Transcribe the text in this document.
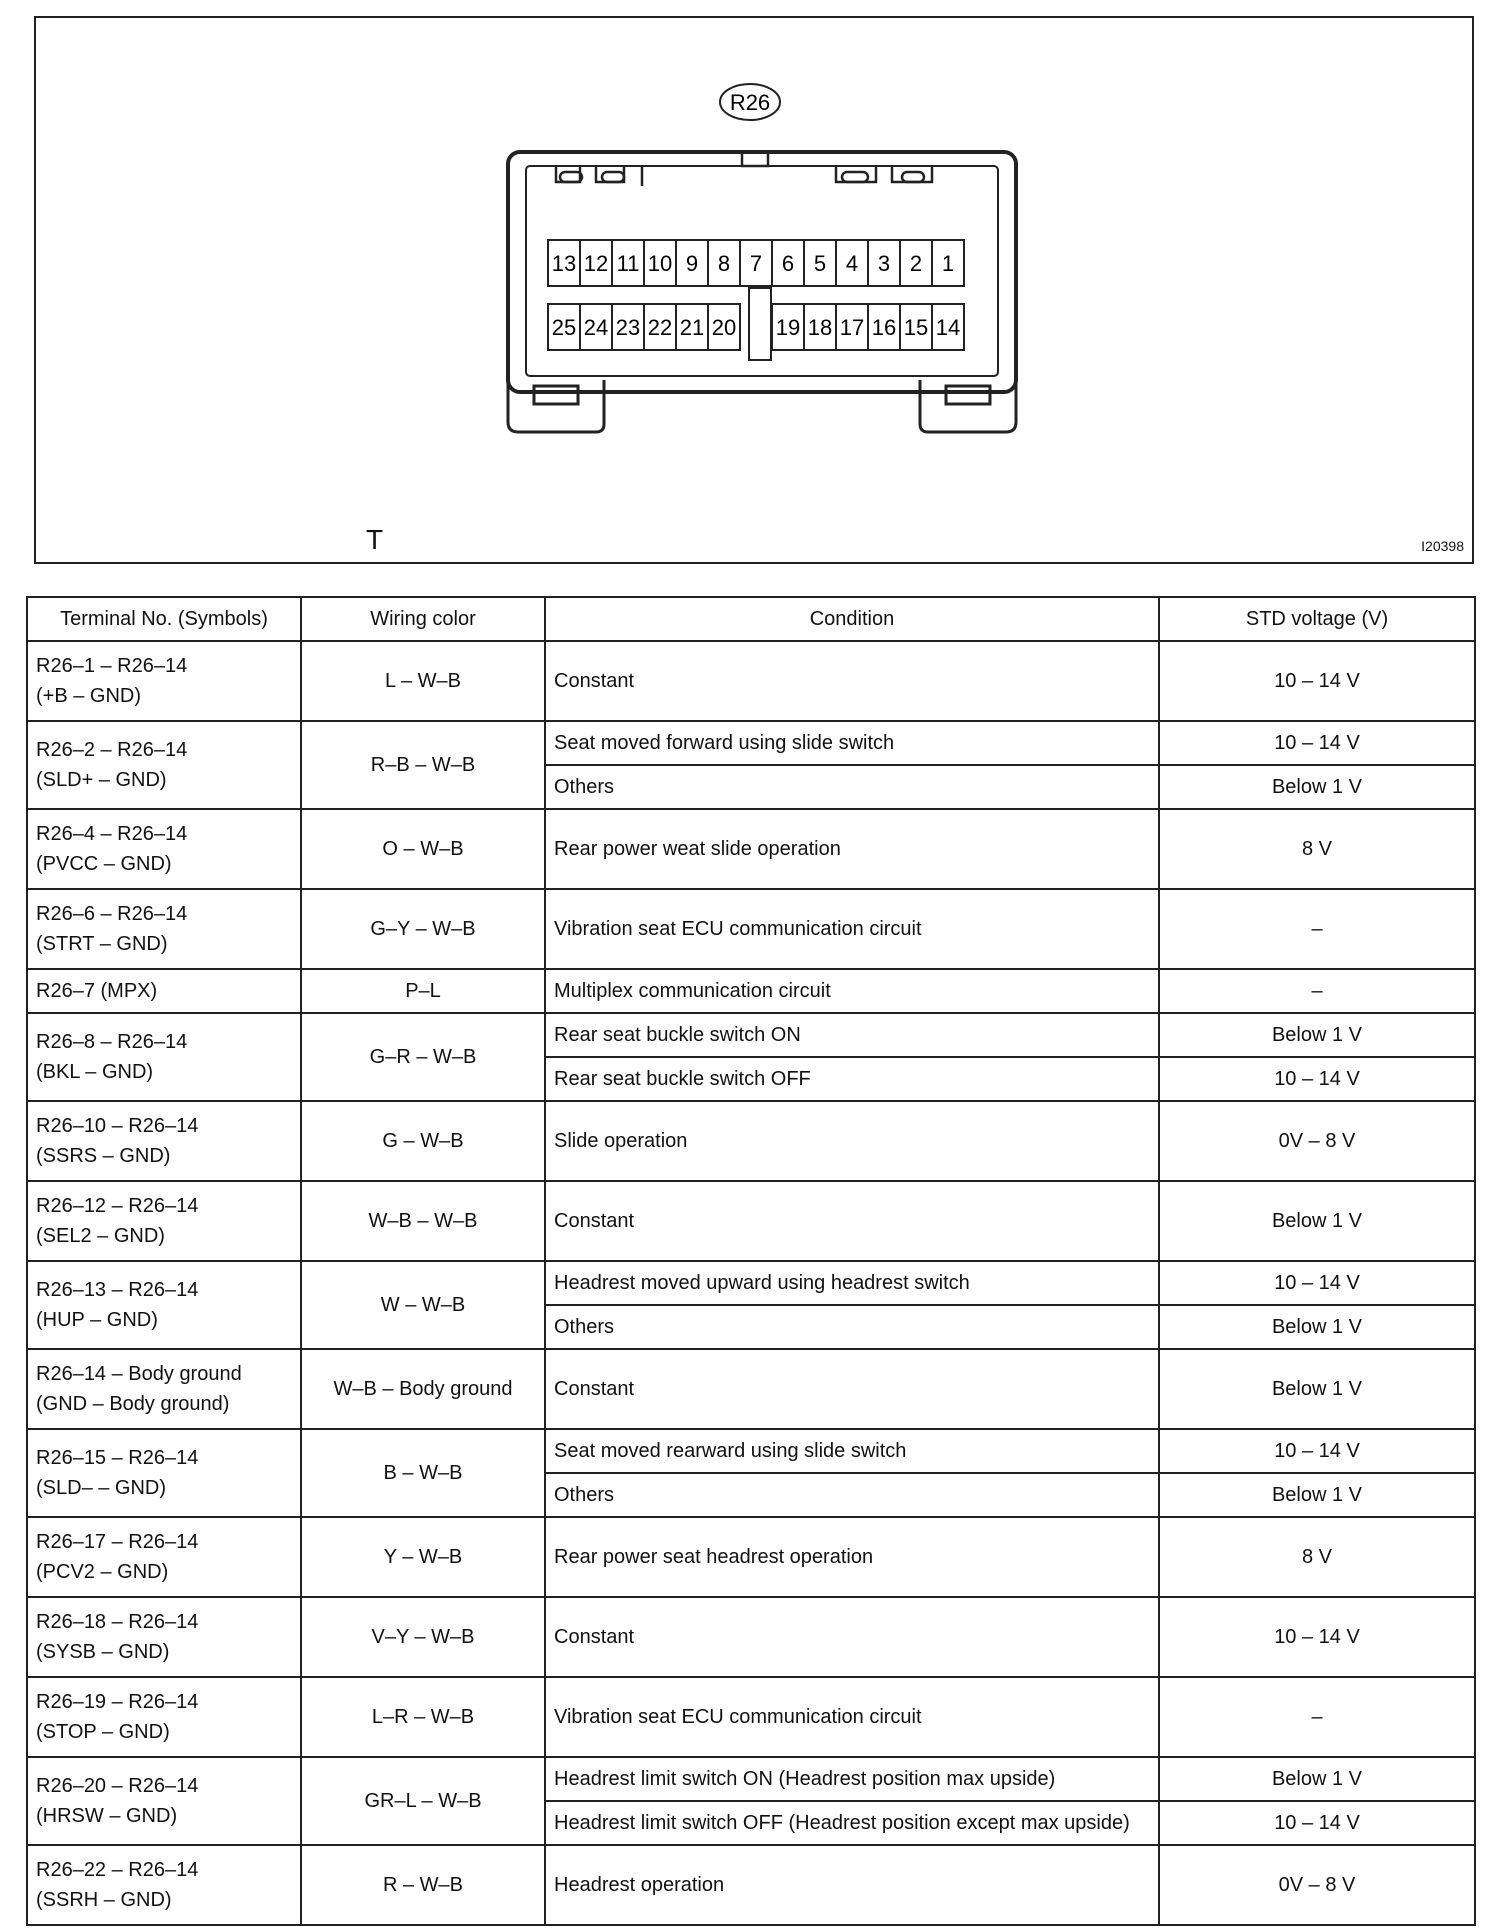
R26
13 12 11 10 9 8 7 6 5 4 3 2 1
25 24 23 22 21 20 19 18 17 16 15 14
T	I20398
Terminal No. (Symbols)	Wiring color	Condition	STD voltage (V)

R26–1 – R26–14
(+B – GND)	L – W–B	Constant	10 – 14 V

R26–2 – R26–14
(SLD+ – GND)	R–B – W–B	Seat moved forward using slide switch	10 – 14 V
		Others	Below 1 V

R26–4 – R26–14
(PVCC – GND)	O – W–B	Rear power weat slide operation	8 V

R26–6 – R26–14
(STRT – GND)	G–Y – W–B	Vibration seat ECU communication circuit	–

R26–7 (MPX)	P–L	Multiplex communication circuit	–

R26–8 – R26–14
(BKL – GND)	G–R – W–B	Rear seat buckle switch ON	Below 1 V
		Rear seat buckle switch OFF	10 – 14 V

R26–10 – R26–14
(SSRS – GND)	G – W–B	Slide operation	0V – 8 V

R26–12 – R26–14
(SEL2 – GND)	W–B – W–B	Constant	Below 1 V

R26–13 – R26–14
(HUP – GND)	W – W–B	Headrest moved upward using headrest switch	10 – 14 V
		Others	Below 1 V

R26–14 – Body ground
(GND – Body ground)	W–B – Body ground	Constant	Below 1 V

R26–15 – R26–14
(SLD– – GND)	B – W–B	Seat moved rearward using slide switch	10 – 14 V
		Others	Below 1 V

R26–17 – R26–14
(PCV2 – GND)	Y – W–B	Rear power seat headrest operation	8 V

R26–18 – R26–14
(SYSB – GND)	V–Y – W–B	Constant	10 – 14 V

R26–19 – R26–14
(STOP – GND)	L–R – W–B	Vibration seat ECU communication circuit	–

R26–20 – R26–14
(HRSW – GND)	GR–L – W–B	Headrest limit switch ON (Headrest position max upside)	Below 1 V
		Headrest limit switch OFF (Headrest position except max upside)	10 – 14 V

R26–22 – R26–14
(SSRH – GND)	R – W–B	Headrest operation	0V – 8 V
